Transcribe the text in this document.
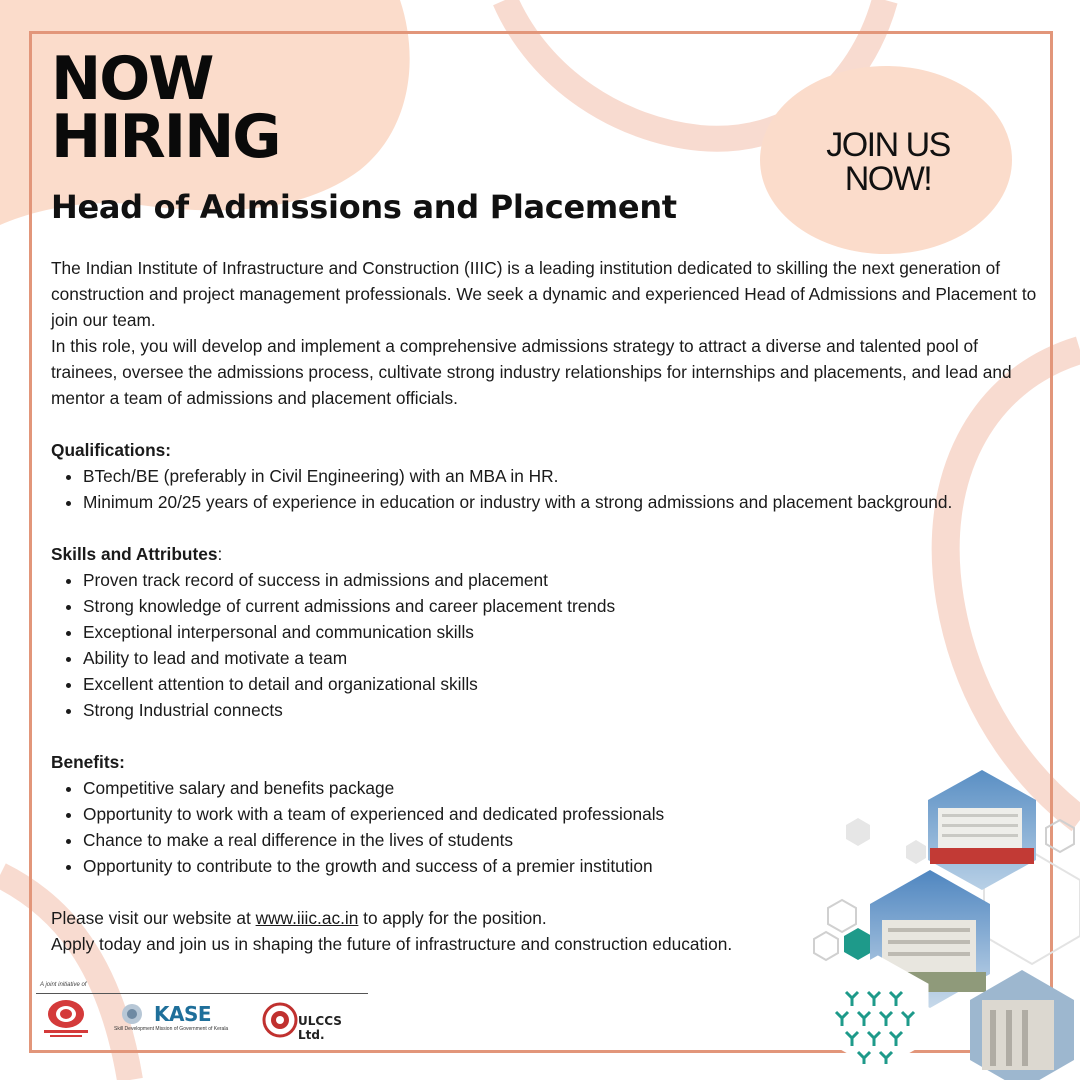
NOW
HIRING	JOIN US
NOW!
Head of Admissions and Placement

The Indian Institute of Infrastructure and Construction (IIIC) is a leading institution dedicated to skilling the next generation of construction and project management professionals. We seek a dynamic and experienced Head of Admissions and Placement to join our team.

In this role, you will develop and implement a comprehensive admissions strategy to attract a diverse and talented pool of trainees, oversee the admissions process, cultivate strong industry relationships for internships and placements, and lead and mentor a team of admissions and placement officials.

Qualifications:
• BTech/BE (preferably in Civil Engineering) with an MBA in HR.
• Minimum 20/25 years of experience in education or industry with a strong admissions and placement background.
Skills and Attributes:
• Proven track record of success in admissions and placement
• Strong knowledge of current admissions and career placement trends
• Exceptional interpersonal and communication skills
• Ability to lead and motivate a team
• Excellent attention to detail and organizational skills
• Strong Industrial connects
Benefits:
• Competitive salary and benefits package
• Opportunity to work with a team of experienced and dedicated professionals
• Chance to make a real difference in the lives of students
• Opportunity to contribute to the growth and success of a premier institution

Please visit our website at www.iiic.ac.in to apply for the position.

Apply today and join us in shaping the future of infrastructure and construction education.

A joint initiative of
KASE
Skill Development Mission of Government of Kerala
ULCCS Ltd.
